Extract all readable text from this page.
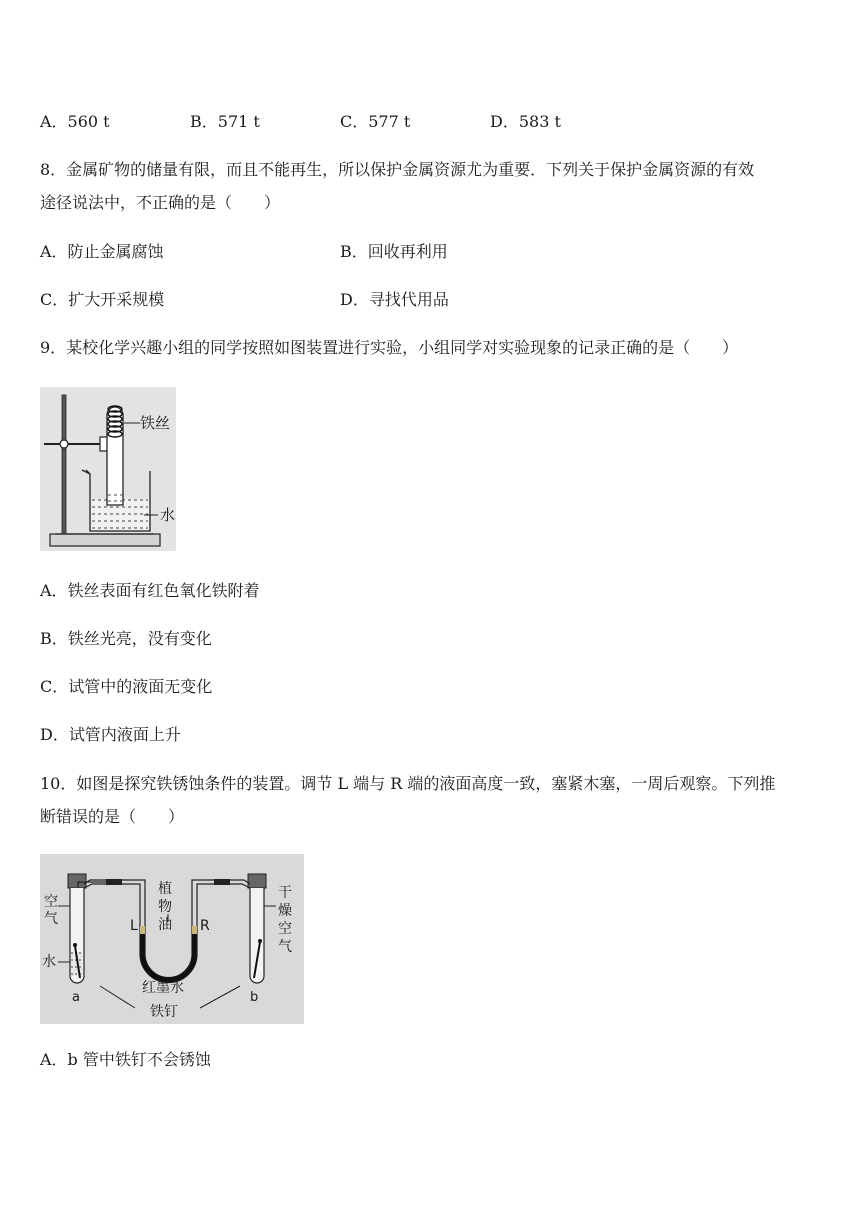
A．560 t	B．571 t	C．577 t	D．583 t
8．金属矿物的储量有限，而且不能再生，所以保护金属资源尤为重要．下列关于保护金属资源的有效
途径说法中，不正确的是（　　）
A．防止金属腐蚀	B．回收再利用
C．扩大开采规模	D．寻找代用品
9．某校化学兴趣小组的同学按照如图装置进行实验，小组同学对实验现象的记录正确的是（　　）
铁丝
水
A．铁丝表面有红色氧化铁附着
B．铁丝光亮，没有变化
C．试管中的液面无变化
D．试管内液面上升
10．如图是探究铁锈蚀条件的装置。调节 L 端与 R 端的液面高度一致，塞紧木塞，一周后观察。下列推
断错误的是（　　）
空气
水
植物油
L	R
干燥空气
红墨水
铁钉
a	b
A．b 管中铁钉不会锈蚀
